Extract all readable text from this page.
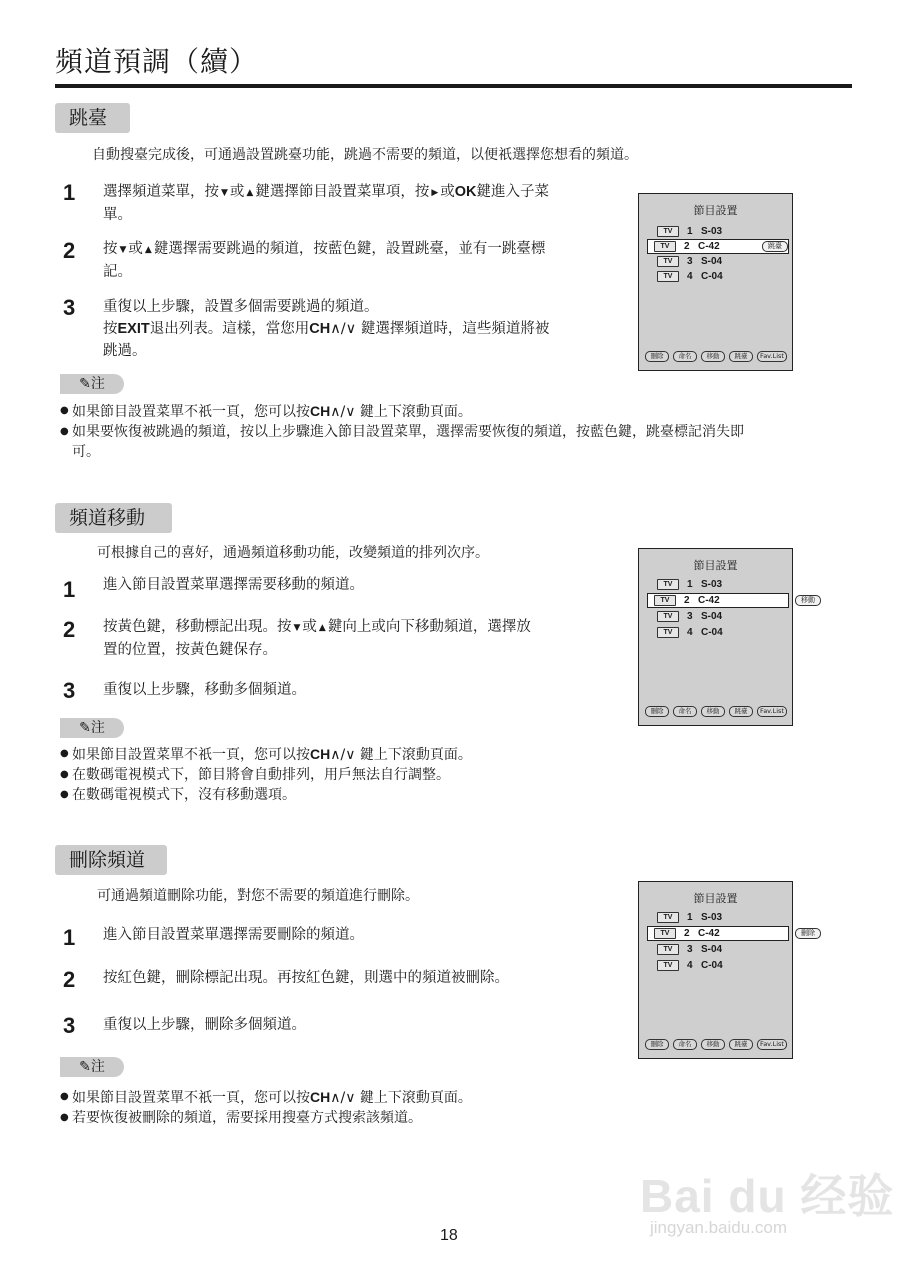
頻道預調（續）
跳臺
自動搜臺完成後，可通過設置跳臺功能，跳過不需要的頻道，以便祇選擇您想看的頻道。
1 選擇頻道菜單，按 ▼ 或 ▲ 鍵選擇節目設置菜單項，按 ▶ 或OK鍵進入子菜
單。
2 按 ▼ 或 ▲ 鍵選擇需要跳過的頻道，按藍色鍵，設置跳臺，並有一跳臺標
記。
3 重復以上步驟，設置多個需要跳過的頻道。
按EXIT退出列表。這樣，當您用CH∧/∨ 鍵選擇頻道時，這些頻道將被
跳過。
節目設置
TV	1 S-03
TV	2 C-42	跳臺
TV	3 S-04
TV	4 C-04
刪除	命名	移動	跳臺	Fav.List
✎注
● 如果節目設置菜單不祇一頁，您可以按CH∧/∨ 鍵上下滾動頁面。
● 如果要恢復被跳過的頻道，按以上步驟進入節目設置菜單，選擇需要恢復的頻道，按藍色鍵，跳臺標記消失即
可。
頻道移動
可根據自己的喜好，通過頻道移動功能，改變頻道的排列次序。
1 進入節目設置菜單選擇需要移動的頻道。
2 按黃色鍵，移動標記出現。按 ▼ 或 ▲ 鍵向上或向下移動頻道，選擇放
置的位置，按黃色鍵保存。
3 重復以上步驟，移動多個頻道。
節目設置
TV	1 S-03
TV	2 C-42
TV	3 S-04
TV	4 C-04
刪除	命名	移動	跳臺	Fav.List
移動
✎注
● 如果節目設置菜單不祇一頁，您可以按CH∧/∨ 鍵上下滾動頁面。
● 在數碼電視模式下，節目將會自動排列，用戶無法自行調整。
● 在數碼電視模式下，沒有移動選項。
刪除頻道
可通過頻道刪除功能，對您不需要的頻道進行刪除。
1 進入節目設置菜單選擇需要刪除的頻道。
2 按紅色鍵，刪除標記出現。再按紅色鍵，則選中的頻道被刪除。
3 重復以上步驟，刪除多個頻道。
節目設置
TV	1 S-03
TV	2 C-42
TV	3 S-04
TV	4 C-04
刪除	命名	移動	跳臺	Fav.List
刪除
✎注
● 如果節目設置菜單不祇一頁，您可以按CH∧/∨ 鍵上下滾動頁面。
● 若要恢復被刪除的頻道，需要採用搜臺方式搜索該頻道。
Bai du 经验
jingyan.baidu.com
18
